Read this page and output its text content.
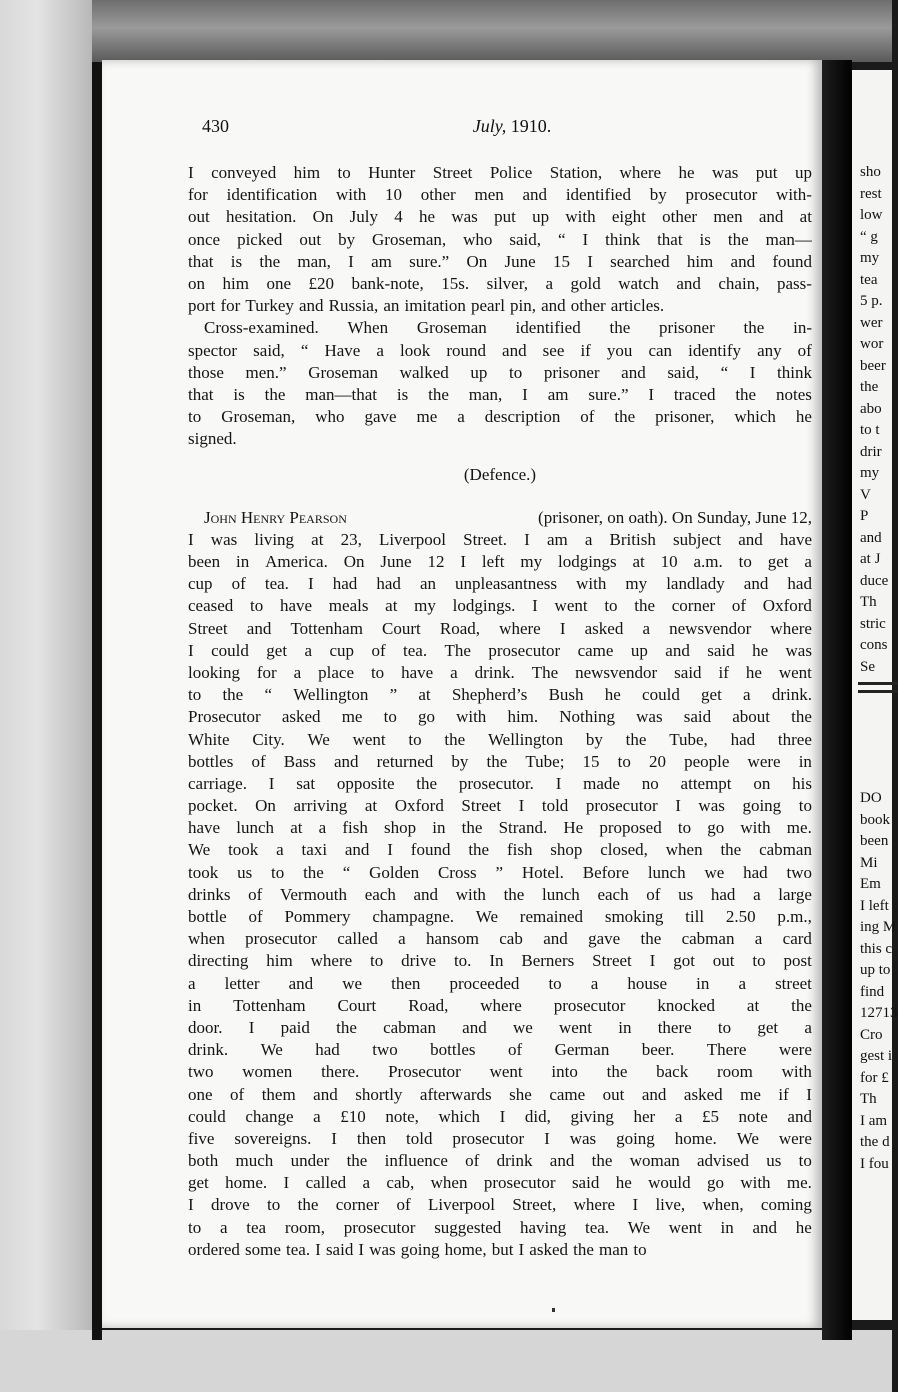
430	July, 1910.
I conveyed him to Hunter Street Police Station, where he was put up
for identification with 10 other men and identified by prosecutor with-
out hesitation. On July 4 he was put up with eight other men and at
once picked out by Groseman, who said, “ I think that is the man—
that is the man, I am sure.” On June 15 I searched him and found
on him one £20 bank-note, 15s. silver, a gold watch and chain, pass-
port for Turkey and Russia, an imitation pearl pin, and other articles.
Cross-examined. When Groseman identified the prisoner the in-
spector said, “ Have a look round and see if you can identify any of
those men.” Groseman walked up to prisoner and said, “ I think
that is the man—that is the man, I am sure.” I traced the notes
to Groseman, who gave me a description of the prisoner, which he
signed.
(Defence.)
John Henry Pearson	(prisoner, on oath). On Sunday, June 12,
I was living at 23, Liverpool Street. I am a British subject and have
been in America. On June 12 I left my lodgings at 10 a.m. to get a
cup of tea. I had had an unpleasantness with my landlady and had
ceased to have meals at my lodgings. I went to the corner of Oxford
Street and Tottenham Court Road, where I asked a newsvendor where
I could get a cup of tea. The prosecutor came up and said he was
looking for a place to have a drink. The newsvendor said if he went
to the “ Wellington ” at Shepherd’s Bush he could get a drink.
Prosecutor asked me to go with him. Nothing was said about the
White City. We went to the Wellington by the Tube, had three
bottles of Bass and returned by the Tube; 15 to 20 people were in
carriage. I sat opposite the prosecutor. I made no attempt on his
pocket. On arriving at Oxford Street I told prosecutor I was going to
have lunch at a fish shop in the Strand. He proposed to go with me.
We took a taxi and I found the fish shop closed, when the cabman
took us to the “ Golden Cross ” Hotel. Before lunch we had two
drinks of Vermouth each and with the lunch each of us had a large
bottle of Pommery champagne. We remained smoking till 2.50 p.m.,
when prosecutor called a hansom cab and gave the cabman a card
directing him where to drive to. In Berners Street I got out to post
a letter and we then proceeded to a house in a street
in Tottenham Court Road, where prosecutor knocked at the
door. I paid the cabman and we went in there to get a
drink. We had two bottles of German beer. There were
two women there. Prosecutor went into the back room with
one of them and shortly afterwards she came out and asked me if I
could change a £10 note, which I did, giving her a £5 note and
five sovereigns. I then told prosecutor I was going home. We were
both much under the influence of drink and the woman advised us to
get home. I called a cab, when prosecutor said he would go with me.
I drove to the corner of Liverpool Street, where I live, when, coming
to a tea room, prosecutor suggested having tea. We went in and he
ordered some tea. I said I was going home, but I asked the man to
sho
rest
low
“ g
my
tea
5 p.
wer
wor
beer
the
abo
to t
drir
my
V
P
and
at J
duce
Th
stric
cons
Se
DO
book
been
Mi
Em
I left
ing M
this c
up to
find
12713
Cro
gest i
for £
Th
I am
the d
I fou
